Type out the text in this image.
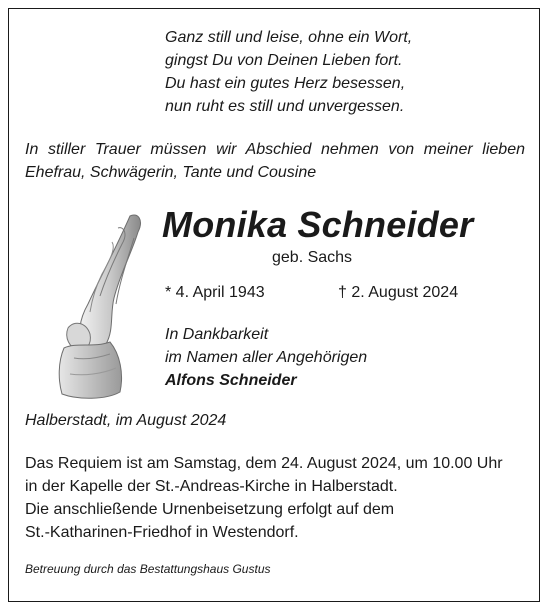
Ganz still und leise, ohne ein Wort,
gingst Du von Deinen Lieben fort.
Du hast ein gutes Herz besessen,
nun ruht es still und unvergessen.

In stiller Trauer müssen wir Abschied nehmen von meiner lieben Ehefrau, Schwägerin, Tante und Cousine

Monika Schneider
geb. Sachs
* 4. April 1943	† 2. August 2024
In Dankbarkeit
im Namen aller Angehörigen
Alfons Schneider
Halberstadt, im August 2024
Das Requiem ist am Samstag, dem 24. August 2024, um 10.00 Uhr
in der Kapelle der St.-Andreas-Kirche in Halberstadt.
Die anschließende Urnenbeisetzung erfolgt auf dem
St.-Katharinen-Friedhof in Westendorf.
Betreuung durch das Bestattungshaus Gustus
